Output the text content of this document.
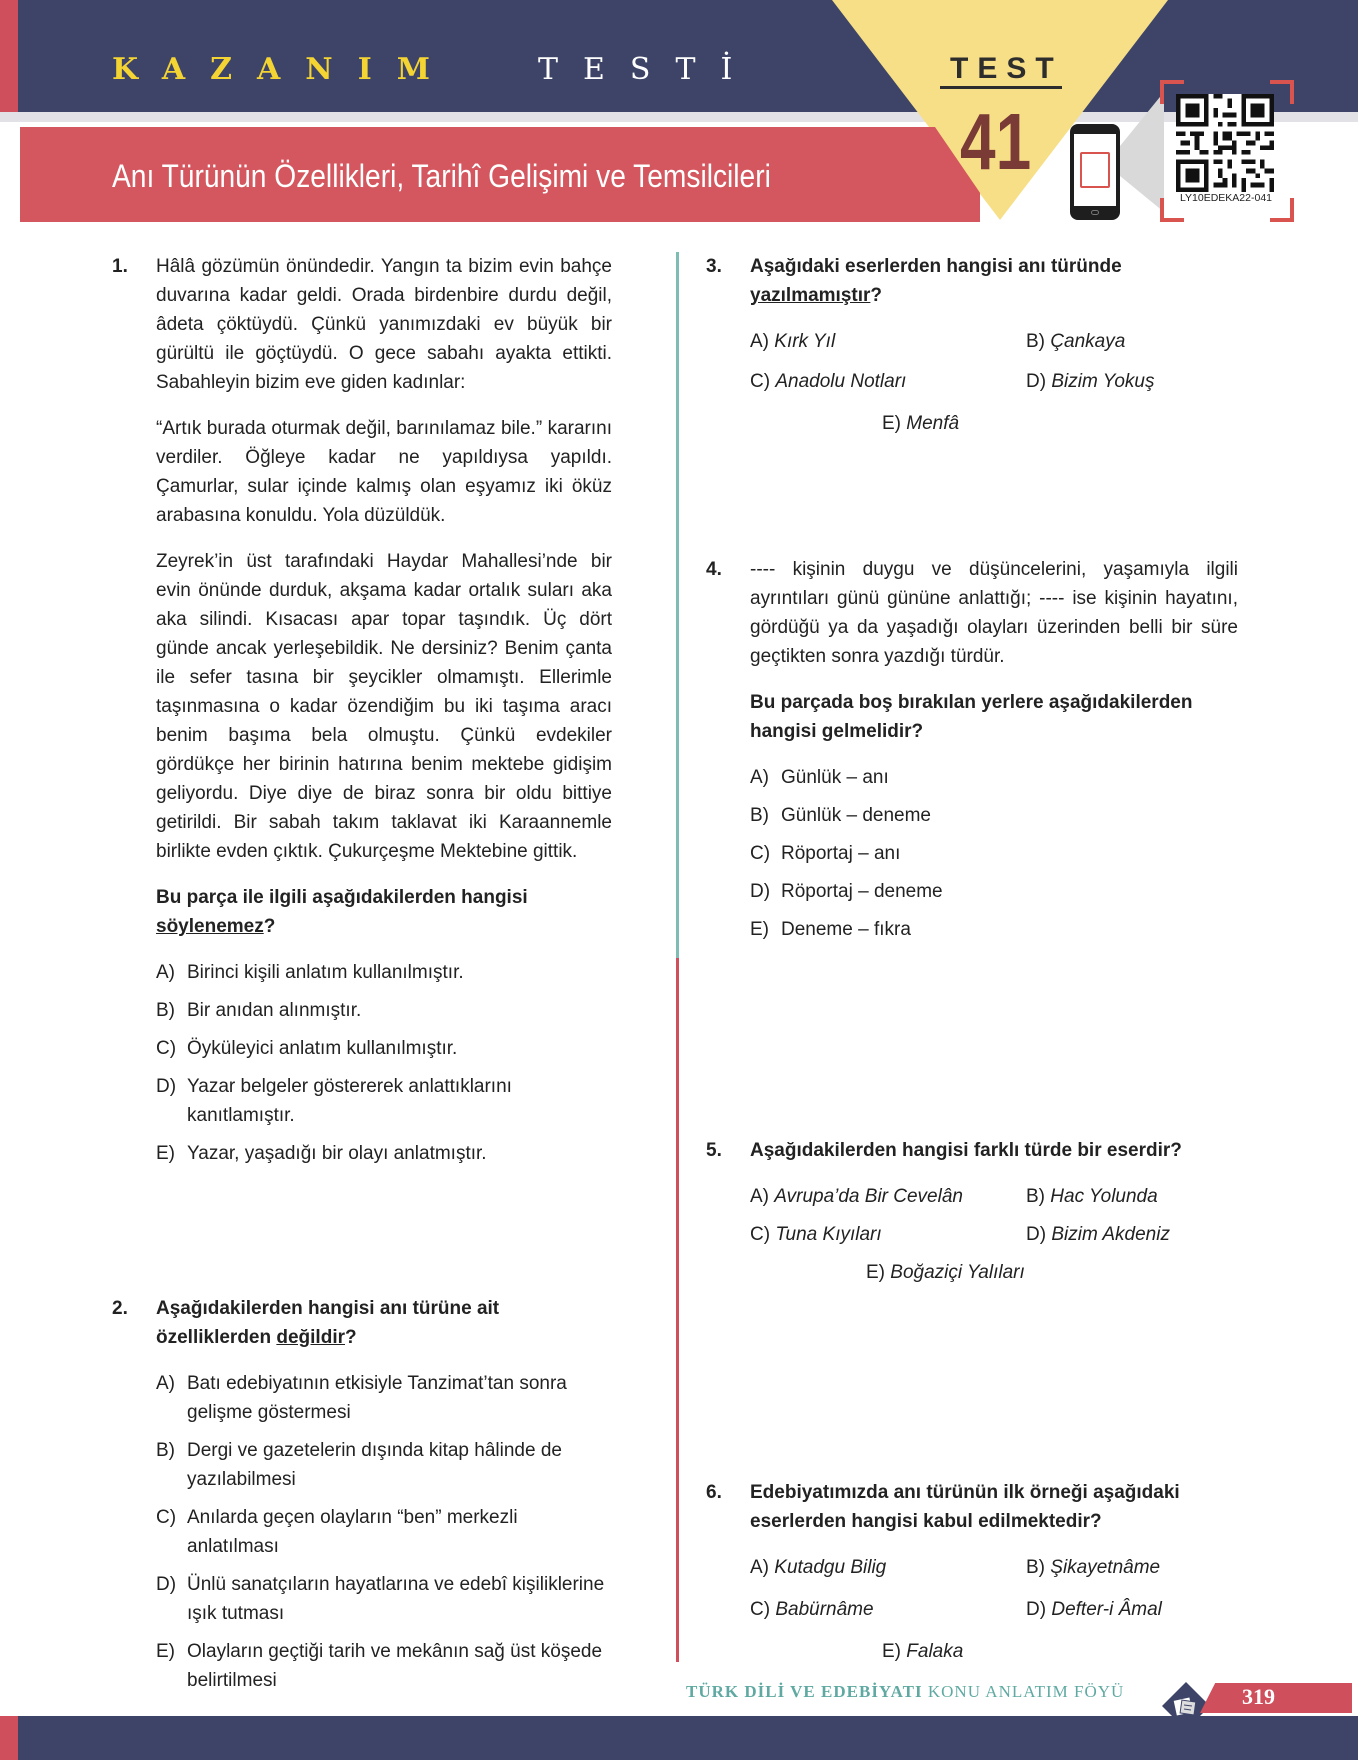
KAZANIM	TESTİ
Anı Türünün Özellikleri, Tarihî Gelişimi ve Temsilcileri
TEST
41
LY10EDEKA22-041
1. Hâlâ gözümün önündedir. Yangın ta bizim evin bahçe duvarına kadar geldi. Orada birdenbire durdu değil, âdeta çöktüydü. Çünkü yanımızdaki ev büyük bir gürültü ile göçtüydü. O gece sabahı ayakta ettikti. Sabahleyin bizim eve giden kadınlar:

“Artık burada oturmak değil, barınılamaz bile.” kararını verdiler. Öğleye kadar ne yapıldıysa yapıldı. Çamurlar, sular içinde kalmış olan eşyamız iki öküz arabasına konuldu. Yola düzüldük.

Zeyrek’in üst tarafındaki Haydar Mahallesi’nde bir evin önünde durduk, akşama kadar ortalık suları aka aka silindi. Kısacası apar topar taşındık. Üç dört günde ancak yerleşebildik. Ne dersiniz? Benim çanta ile sefer tasına bir şeycikler olmamıştı. Ellerimle taşınmasına o kadar özendiğim bu iki taşıma aracı benim başıma bela olmuştu. Çünkü evdekiler gördükçe her birinin hatırına benim mektebe gidişim geliyordu. Diye diye de biraz sonra bir oldu bittiye getirildi. Bir sabah takım taklavat iki Karaannemle birlikte evden çıktık. Çukurçeşme Mektebine gittik.

Bu parça ile ilgili aşağıdakilerden hangisi söylenemez?

A) Birinci kişili anlatım kullanılmıştır.
B) Bir anıdan alınmıştır.
C) Öyküleyici anlatım kullanılmıştır.
D) Yazar belgeler göstererek anlattıklarını kanıtlamıştır.
E) Yazar, yaşadığı bir olayı anlatmıştır.
2. Aşağıdakilerden hangisi anı türüne ait özelliklerden değildir?

A) Batı edebiyatının etkisiyle Tanzimat’tan sonra gelişme göstermesi
B) Dergi ve gazetelerin dışında kitap hâlinde de yazılabilmesi
C) Anılarda geçen olayların “ben” merkezli anlatılması
D) Ünlü sanatçıların hayatlarına ve edebî kişiliklerine ışık tutması
E) Olayların geçtiği tarih ve mekânın sağ üst köşede belirtilmesi
3. Aşağıdaki eserlerden hangisi anı türünde yazılmamıştır?

A) Kırk Yıl	B) Çankaya
C) Anadolu Notları	D) Bizim Yokuş
E) Menfâ
4. ---- kişinin duygu ve düşüncelerini, yaşamıyla ilgili ayrıntıları günü gününe anlattığı; ---- ise kişinin hayatını, gördüğü ya da yaşadığı olayları üzerinden belli bir süre geçtikten sonra yazdığı türdür.

Bu parçada boş bırakılan yerlere aşağıdakilerden hangisi gelmelidir?

A) Günlük – anı
B) Günlük – deneme
C) Röportaj – anı
D) Röportaj – deneme
E) Deneme – fıkra
5. Aşağıdakilerden hangisi farklı türde bir eserdir?

A) Avrupa’da Bir Cevelân	B) Hac Yolunda
C) Tuna Kıyıları	D) Bizim Akdeniz
E) Boğaziçi Yalıları
6. Edebiyatımızda anı türünün ilk örneği aşağıdaki eserlerden hangisi kabul edilmektedir?

A) Kutadgu Bilig	B) Şikayetnâme
C) Babürnâme	D) Defter-i Âmal
E) Falaka
TÜRK DİLİ VE EDEBİYATI KONU ANLATIM FÖYÜ	319
